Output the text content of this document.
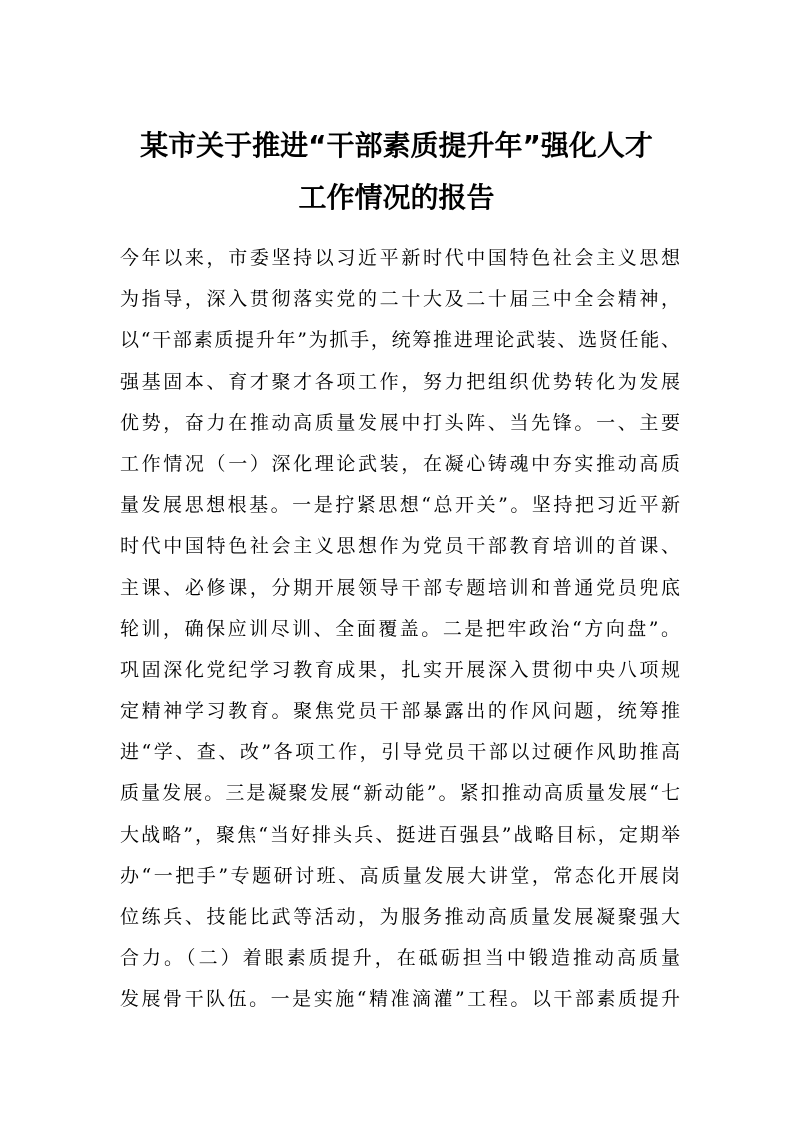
某市关于推进“干部素质提升年”强化人才
工作情况的报告
今年以来，市委坚持以习近平新时代中国特色社会主义思想
为指导，深入贯彻落实党的二十大及二十届三中全会精神，
以“干部素质提升年”为抓手，统筹推进理论武装、选贤任能、
强基固本、育才聚才各项工作，努力把组织优势转化为发展
优势，奋力在推动高质量发展中打头阵、当先锋。一、主要
工作情况（一）深化理论武装，在凝心铸魂中夯实推动高质
量发展思想根基。一是拧紧思想“总开关”。坚持把习近平新
时代中国特色社会主义思想作为党员干部教育培训的首课、
主课、必修课，分期开展领导干部专题培训和普通党员兜底
轮训，确保应训尽训、全面覆盖。二是把牢政治“方向盘”。
巩固深化党纪学习教育成果，扎实开展深入贯彻中央八项规
定精神学习教育。聚焦党员干部暴露出的作风问题，统筹推
进“学、查、改”各项工作，引导党员干部以过硬作风助推高
质量发展。三是凝聚发展“新动能”。紧扣推动高质量发展“七
大战略”，聚焦“当好排头兵、挺进百强县”战略目标，定期举
办“一把手”专题研讨班、高质量发展大讲堂，常态化开展岗
位练兵、技能比武等活动，为服务推动高质量发展凝聚强大
合力。（二）着眼素质提升，在砥砺担当中锻造推动高质量
发展骨干队伍。一是实施“精准滴灌”工程。以干部素质提升
